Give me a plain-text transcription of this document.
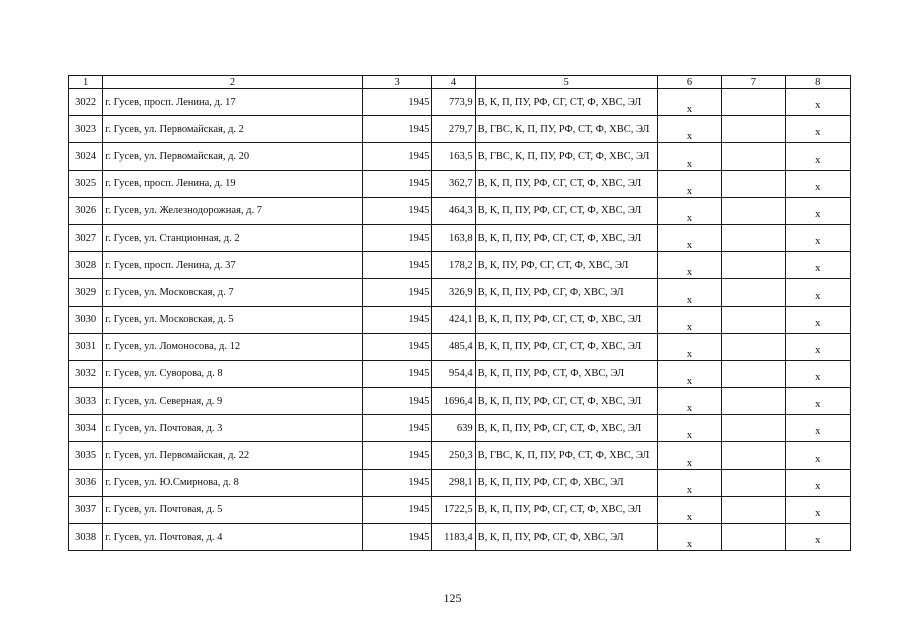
1	2	3	4	5	6	7	8
3022	г. Гусев, просп. Ленина, д. 17	1945	773,9	В, К, П, ПУ, РФ, СГ, СТ, Ф, ХВС, ЭЛ	x		x
3023	г. Гусев, ул. Первомайская, д. 2	1945	279,7	В, ГВС, К, П, ПУ, РФ, СТ, Ф, ХВС, ЭЛ	x		x
3024	г. Гусев, ул. Первомайская, д. 20	1945	163,5	В, ГВС, К, П, ПУ, РФ, СТ, Ф, ХВС, ЭЛ	x		x
3025	г. Гусев, просп. Ленина, д. 19	1945	362,7	В, К, П, ПУ, РФ, СГ, СТ, Ф, ХВС, ЭЛ	x		x
3026	г. Гусев, ул. Железнодорожная, д. 7	1945	464,3	В, К, П, ПУ, РФ, СГ, СТ, Ф, ХВС, ЭЛ	x		x
3027	г. Гусев, ул. Станционная, д. 2	1945	163,8	В, К, П, ПУ, РФ, СГ, СТ, Ф, ХВС, ЭЛ	x		x
3028	г. Гусев, просп. Ленина, д. 37	1945	178,2	В, К, ПУ, РФ, СГ, СТ, Ф, ХВС, ЭЛ	x		x
3029	г. Гусев, ул. Московская, д. 7	1945	326,9	В, К, П, ПУ, РФ, СГ, Ф, ХВС, ЭЛ	x		x
3030	г. Гусев, ул. Московская, д. 5	1945	424,1	В, К, П, ПУ, РФ, СГ, СТ, Ф, ХВС, ЭЛ	x		x
3031	г. Гусев, ул. Ломоносова, д. 12	1945	485,4	В, К, П, ПУ, РФ, СГ, СТ, Ф, ХВС, ЭЛ	x		x
3032	г. Гусев, ул. Суворова, д. 8	1945	954,4	В, К, П, ПУ, РФ, СТ, Ф, ХВС, ЭЛ	x		x
3033	г. Гусев, ул. Северная, д. 9	1945	1696,4	В, К, П, ПУ, РФ, СГ, СТ, Ф, ХВС, ЭЛ	x		x
3034	г. Гусев, ул. Почтовая, д. 3	1945	639	В, К, П, ПУ, РФ, СГ, СТ, Ф, ХВС, ЭЛ	x		x
3035	г. Гусев, ул. Первомайская, д. 22	1945	250,3	В, ГВС, К, П, ПУ, РФ, СТ, Ф, ХВС, ЭЛ	x		x
3036	г. Гусев, ул. Ю.Смирнова, д. 8	1945	298,1	В, К, П, ПУ, РФ, СГ, Ф, ХВС, ЭЛ	x		x
3037	г. Гусев, ул. Почтовая, д. 5	1945	1722,5	В, К, П, ПУ, РФ, СГ, СТ, Ф, ХВС, ЭЛ	x		x
3038	г. Гусев, ул. Почтовая, д. 4	1945	1183,4	В, К, П, ПУ, РФ, СГ, Ф, ХВС, ЭЛ	x		x
125
